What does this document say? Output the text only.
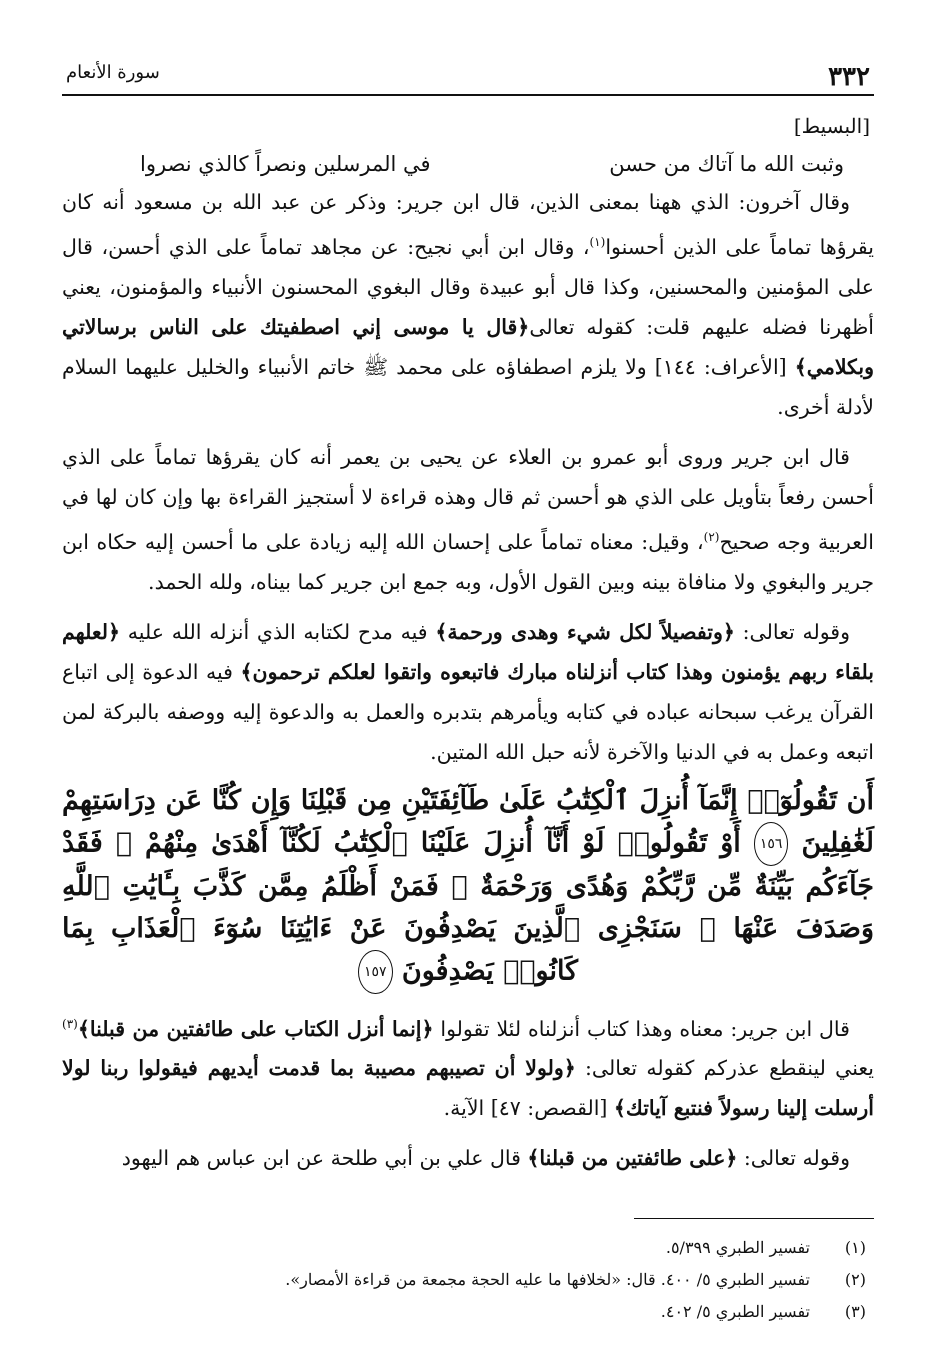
٣٣٢
سورة الأنعام
[البسيط]
وثبت الله ما آتاك من حسن
في المرسلين ونصراً كالذي نصروا

وقال آخرون: الذي ههنا بمعنى الذين، قال ابن جرير: وذكر عن عبد الله بن مسعود أنه كان يقرؤها تماماً على الذين أحسنوا$^{(١)}$، وقال ابن أبي نجيح: عن مجاهد تماماً على الذي أحسن، قال على المؤمنين والمحسنين، وكذا قال أبو عبيدة وقال البغوي المحسنون الأنبياء والمؤمنون، يعني أظهرنا فضله عليهم قلت: كقوله تعالى﴿قال يا موسى إني اصطفيتك على الناس برسالاتي وبكلامي﴾ [الأعراف: ١٤٤] ولا يلزم اصطفاؤه على محمد ﷺ خاتم الأنبياء والخليل عليهما السلام لأدلة أخرى.

قال ابن جرير وروى أبو عمرو بن العلاء عن يحيى بن يعمر أنه كان يقرؤها تماماً على الذي أحسن رفعاً بتأويل على الذي هو أحسن ثم قال وهذه قراءة لا أستجيز القراءة بها وإن كان لها في العربية وجه صحيح$^{(٢)}$، وقيل: معناه تماماً على إحسان الله إليه زيادة على ما أحسن إليه حكاه ابن جرير والبغوي ولا منافاة بينه وبين القول الأول، وبه جمع ابن جرير كما بيناه، ولله الحمد.

وقوله تعالى: ﴿وتفصيلاً لكل شيء وهدى ورحمة﴾ فيه مدح لكتابه الذي أنزله الله عليه ﴿لعلهم بلقاء ربهم يؤمنون وهذا كتاب أنزلناه مبارك فاتبعوه واتقوا لعلكم ترحمون﴾ فيه الدعوة إلى اتباع القرآن يرغب سبحانه عباده في كتابه ويأمرهم بتدبره والعمل به والدعوة إليه ووصفه بالبركة لمن اتبعه وعمل به في الدنيا والآخرة لأنه حبل الله المتين.

أَن تَقُولُوٓا۟ إِنَّمَآ أُنزِلَ ٱلْكِتَٰبُ عَلَىٰ طَآئِفَتَيْنِ مِن قَبْلِنَا وَإِن كُنَّا عَن دِرَاسَتِهِمْ لَغَٰفِلِينَ ١٥٦ أَوْ تَقُولُوا۟ لَوْ أَنَّآ أُنزِلَ عَلَيْنَا ٱلْكِتَٰبُ لَكُنَّآ أَهْدَىٰ مِنْهُمْ ۚ فَقَدْ جَآءَكُم بَيِّنَةٌ مِّن رَّبِّكُمْ وَهُدًى وَرَحْمَةٌ ۚ فَمَنْ أَظْلَمُ مِمَّن كَذَّبَ بِـَٔايَٰتِ ٱللَّهِ وَصَدَفَ عَنْهَا ۗ سَنَجْزِى ٱلَّذِينَ يَصْدِفُونَ عَنْ ءَايَٰتِنَا سُوٓءَ ٱلْعَذَابِ بِمَا كَانُوا۟ يَصْدِفُونَ ١٥٧

قال ابن جرير: معناه وهذا كتاب أنزلناه لئلا تقولوا ﴿إنما أنزل الكتاب على طائفتين من قبلنا﴾$^{(٣)}$ يعني لينقطع عذركم كقوله تعالى: ﴿ولولا أن تصيبهم مصيبة بما قدمت أيديهم فيقولوا ربنا لولا أرسلت إلينا رسولاً فنتبع آياتك﴾ [القصص: ٤٧] الآية.

وقوله تعالى: ﴿على طائفتين من قبلنا﴾ قال علي بن أبي طلحة عن ابن عباس هم اليهود

(١)تفسير الطبري ٥/٣٩٩.
(٢)تفسير الطبري ٥/ ٤٠٠. قال: «لخلافها ما عليه الحجة مجمعة من قراءة الأمصار».
(٣)تفسير الطبري ٥/ ٤٠٢.
